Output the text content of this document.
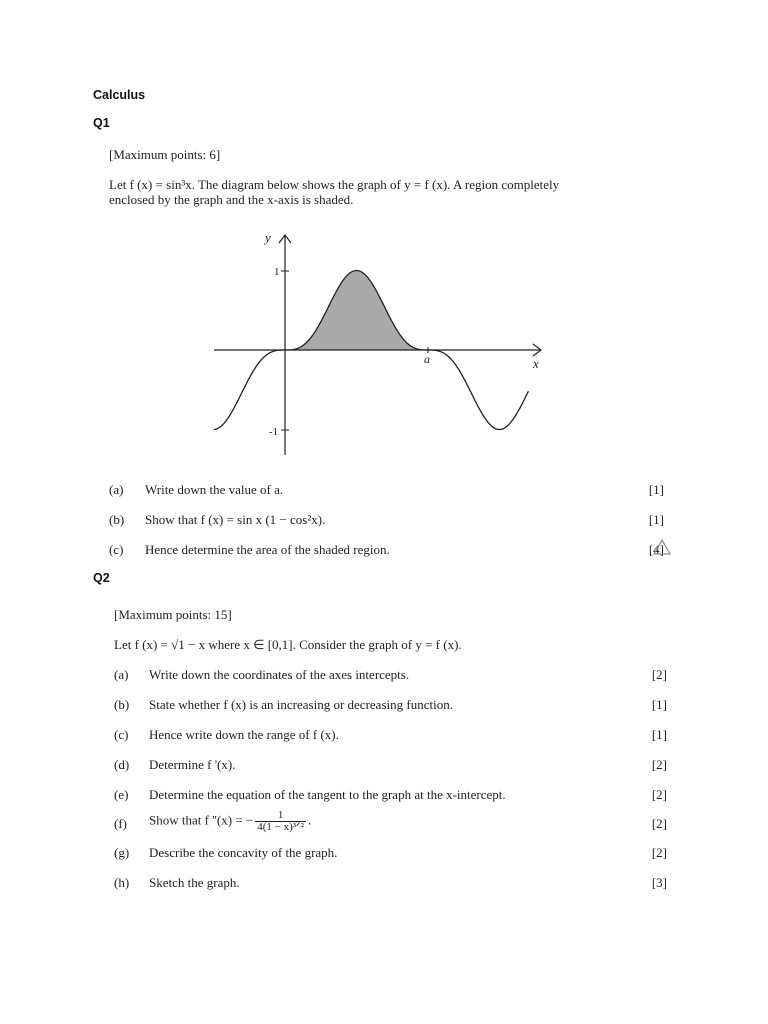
Calculus
Q1
[Maximum points: 6]
Let f (x) = sin³x. The diagram below shows the graph of y = f (x). A region completely
enclosed by the graph and the x-axis is shaded.
y
x
1
-1
a
(a) Write down the value of a.	[1]
(b) Show that f (x) = sin x (1 − cos²x).	[1]
(c) Hence determine the area of the shaded region.	[4]
Q2
[Maximum points: 15]
Let f (x) = √1 − x where x ∈ [0,1]. Consider the graph of y = f (x).
(a) Write down the coordinates of the axes intercepts.	[2]
(b) State whether f (x) is an increasing or decreasing function.	[1]
(c) Hence write down the range of f (x).	[1]
(d) Determine f '(x).	[2]
(e) Determine the equation of the tangent to the graph at the x-intercept.	[2]
(f) Show that f ''(x) = − $\frac{1}{\text{4(1 − x)³ᐟ²}}$ .	[2]
(g) Describe the concavity of the graph.	[2]
(h) Sketch the graph.	[3]
